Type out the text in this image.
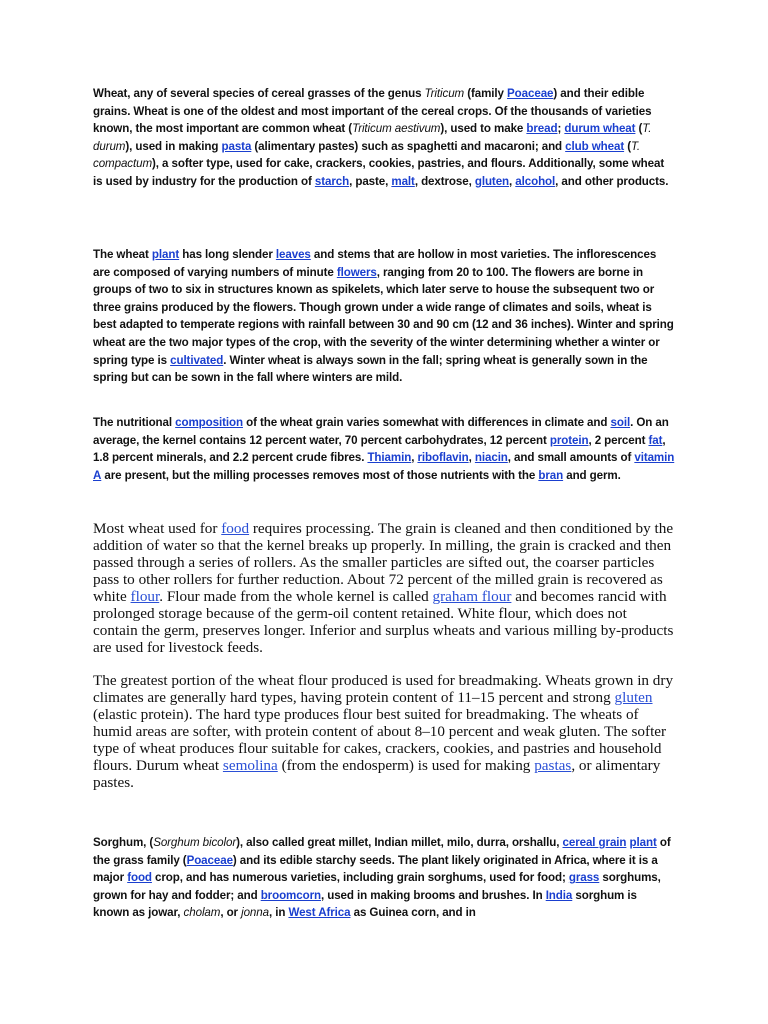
Wheat, any of several species of cereal grasses of the genus Triticum (family Poaceae) and their edible grains. Wheat is one of the oldest and most important of the cereal crops. Of the thousands of varieties known, the most important are common wheat (Triticum aestivum), used to make bread; durum wheat (T. durum), used in making pasta (alimentary pastes) such as spaghetti and macaroni; and club wheat (T. compactum), a softer type, used for cake, crackers, cookies, pastries, and flours. Additionally, some wheat is used by industry for the production of starch, paste, malt, dextrose, gluten, alcohol, and other products.

The wheat plant has long slender leaves and stems that are hollow in most varieties. The inflorescences are composed of varying numbers of minute flowers, ranging from 20 to 100. The flowers are borne in groups of two to six in structures known as spikelets, which later serve to house the subsequent two or three grains produced by the flowers. Though grown under a wide range of climates and soils, wheat is best adapted to temperate regions with rainfall between 30 and 90 cm (12 and 36 inches). Winter and spring wheat are the two major types of the crop, with the severity of the winter determining whether a winter or spring type is cultivated. Winter wheat is always sown in the fall; spring wheat is generally sown in the spring but can be sown in the fall where winters are mild.

The nutritional composition of the wheat grain varies somewhat with differences in climate and soil. On an average, the kernel contains 12 percent water, 70 percent carbohydrates, 12 percent protein, 2 percent fat, 1.8 percent minerals, and 2.2 percent crude fibres. Thiamin, riboflavin, niacin, and small amounts of vitamin A are present, but the milling processes removes most of those nutrients with the bran and germ.

Most wheat used for food requires processing. The grain is cleaned and then conditioned by the addition of water so that the kernel breaks up properly. In milling, the grain is cracked and then passed through a series of rollers. As the smaller particles are sifted out, the coarser particles pass to other rollers for further reduction. About 72 percent of the milled grain is recovered as white flour. Flour made from the whole kernel is called graham flour and becomes rancid with prolonged storage because of the germ-oil content retained. White flour, which does not contain the germ, preserves longer. Inferior and surplus wheats and various milling by-products are used for livestock feeds.

The greatest portion of the wheat flour produced is used for breadmaking. Wheats grown in dry climates are generally hard types, having protein content of 11–15 percent and strong gluten (elastic protein). The hard type produces flour best suited for breadmaking. The wheats of humid areas are softer, with protein content of about 8–10 percent and weak gluten. The softer type of wheat produces flour suitable for cakes, crackers, cookies, and pastries and household flours. Durum wheat semolina (from the endosperm) is used for making pastas, or alimentary pastes.

Sorghum, (Sorghum bicolor), also called great millet, Indian millet, milo, durra, orshallu, cereal grain plant of the grass family (Poaceae) and its edible starchy seeds. The plant likely originated in Africa, where it is a major food crop, and has numerous varieties, including grain sorghums, used for food; grass sorghums, grown for hay and fodder; and broomcorn, used in making brooms and brushes. In India sorghum is known as jowar, cholam, or jonna, in West Africa as Guinea corn, and in
